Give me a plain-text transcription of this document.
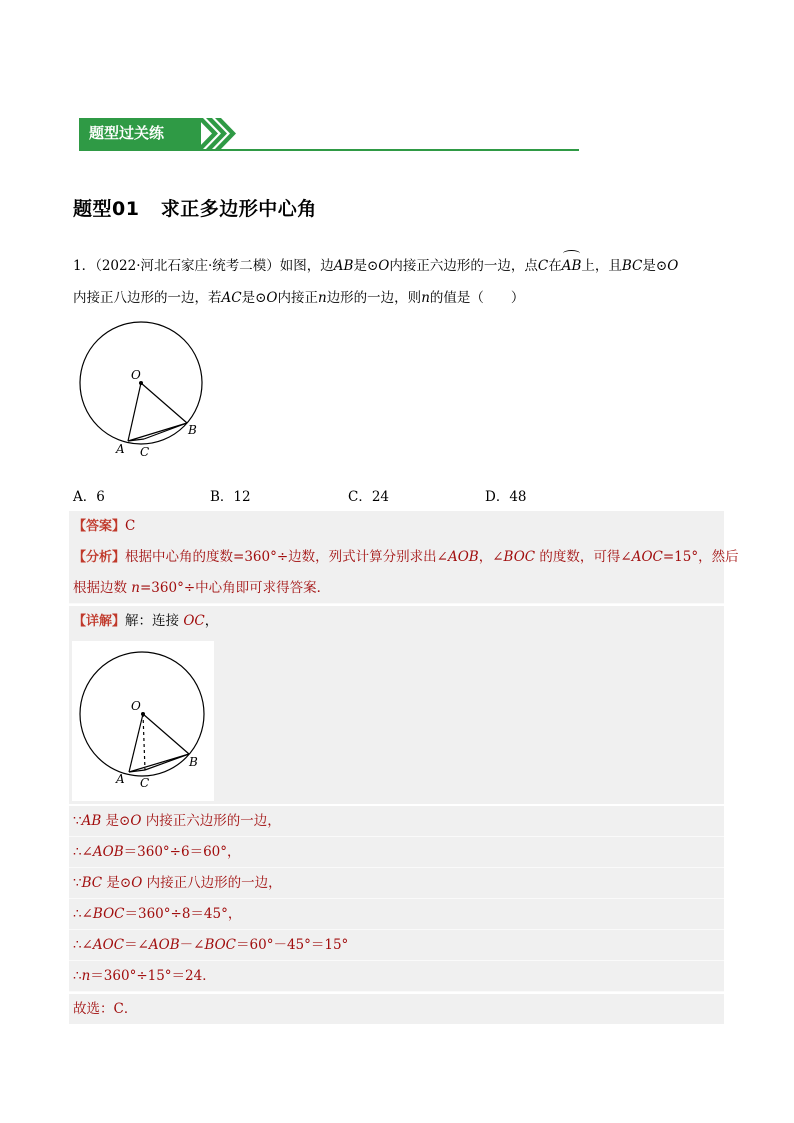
题型过关练
题型01   求正多边形中心角
1．（2022·河北石家庄·统考二模）如图，边AB是⊙O内接正六边形的一边，点C在AB上，且BC是⊙O
内接正八边形的一边，若AC是⊙O内接正n边形的一边，则n的值是（　　）
O
A C
B
A．6	B．12	C．24	D．48
【答案】C
【分析】根据中心角的度数=360°÷边数，列式计算分别求出∠AOB，∠BOC 的度数，可得∠AOC=15°，然后
根据边数 n=360°÷中心角即可求得答案．
【详解】解：连接 OC，
O
A C
B
∵AB 是⊙O 内接正六边形的一边，
∴∠AOB＝360°÷6＝60°，
∵BC 是⊙O 内接正八边形的一边，
∴∠BOC＝360°÷8＝45°，
∴∠AOC＝∠AOB－∠BOC＝60°－45°＝15°
∴n＝360°÷15°＝24．
故选：C．
